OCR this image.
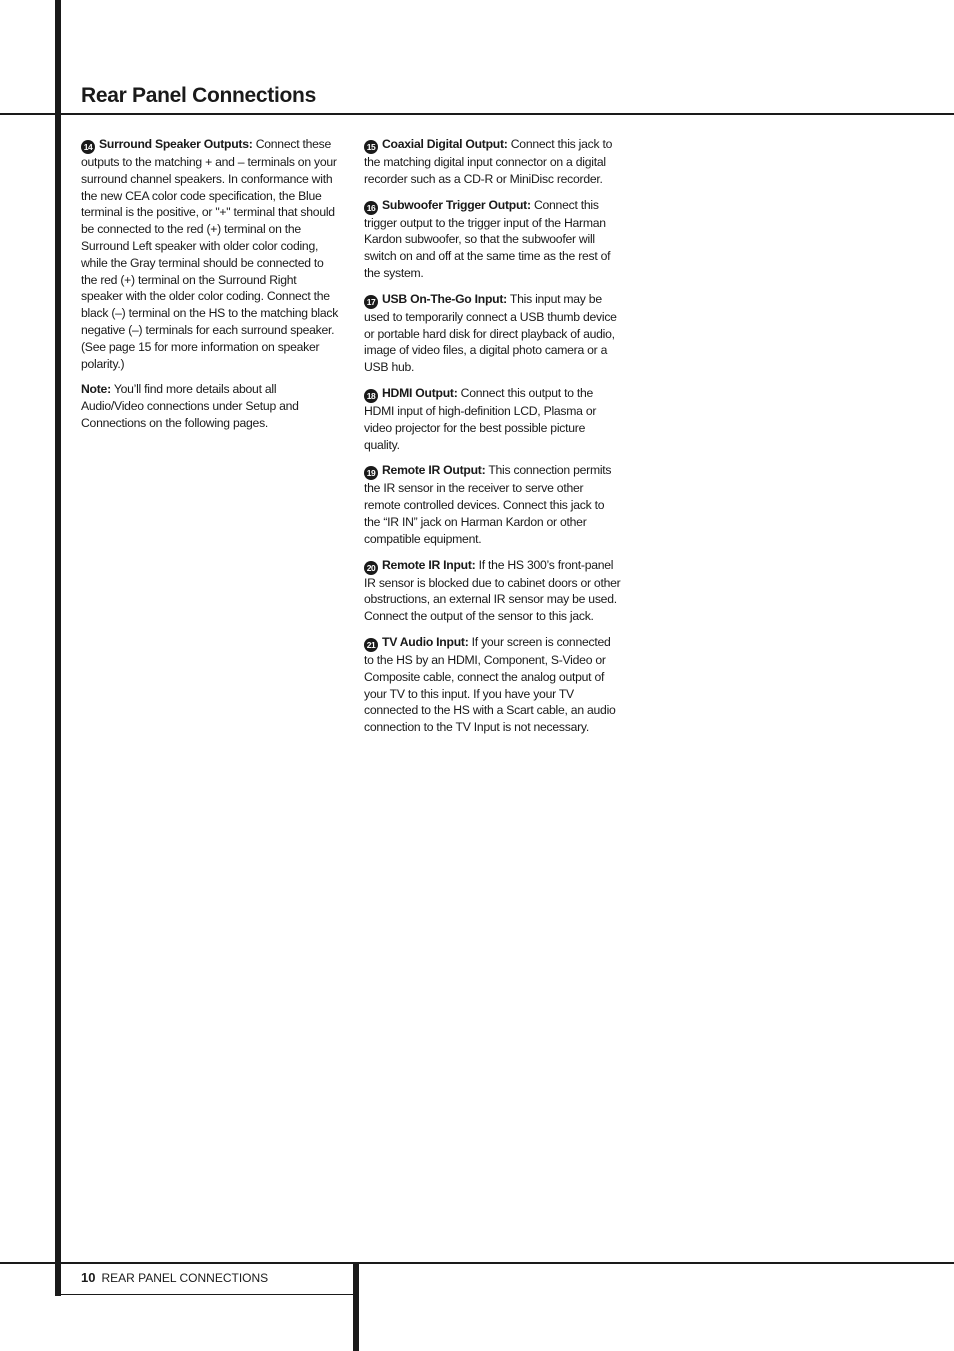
Rear Panel Connections

14 Surround Speaker Outputs: Connect these outputs to the matching + and – terminals on your surround channel speakers. In conformance with the new CEA color code specification, the Blue terminal is the positive, or "+" terminal that should be connected to the red (+) terminal on the Surround Left speaker with older color coding, while the Gray terminal should be connected to the red (+) terminal on the Surround Right speaker with the older color coding. Connect the black (–) terminal on the HS to the matching black negative (–) terminals for each surround speaker. (See page 15 for more information on speaker polarity.)

Note: You’ll find more details about all Audio/Video connections under Setup and Connections on the following pages.

15 Coaxial Digital Output: Connect this jack to the matching digital input connector on a digital recorder such as a CD-R or MiniDisc recorder.

16 Subwoofer Trigger Output: Connect this trigger output to the trigger input of the Harman Kardon subwoofer, so that the subwoofer will switch on and off at the same time as the rest of the system.

17 USB On-The-Go Input: This input may be used to temporarily connect a USB thumb device or portable hard disk for direct playback of audio, image of video files, a digital photo camera or a USB hub.

18 HDMI Output: Connect this output to the HDMI input of high-definition LCD, Plasma or video projector for the best possible picture quality.

19 Remote IR Output: This connection permits the IR sensor in the receiver to serve other remote controlled devices. Connect this jack to the “IR IN” jack on Harman Kardon or other compatible equipment.

20 Remote IR Input: If the HS 300’s front-panel IR sensor is blocked due to cabinet doors or other obstructions, an external IR sensor may be used. Connect the output of the sensor to this jack.

21 TV Audio Input: If your screen is connected to the HS by an HDMI, Component, S-Video or Composite cable, connect the analog output of your TV to this input. If you have your TV connected to the HS with a Scart cable, an audio connection to the TV Input is not necessary.

10 REAR PANEL CONNECTIONS
